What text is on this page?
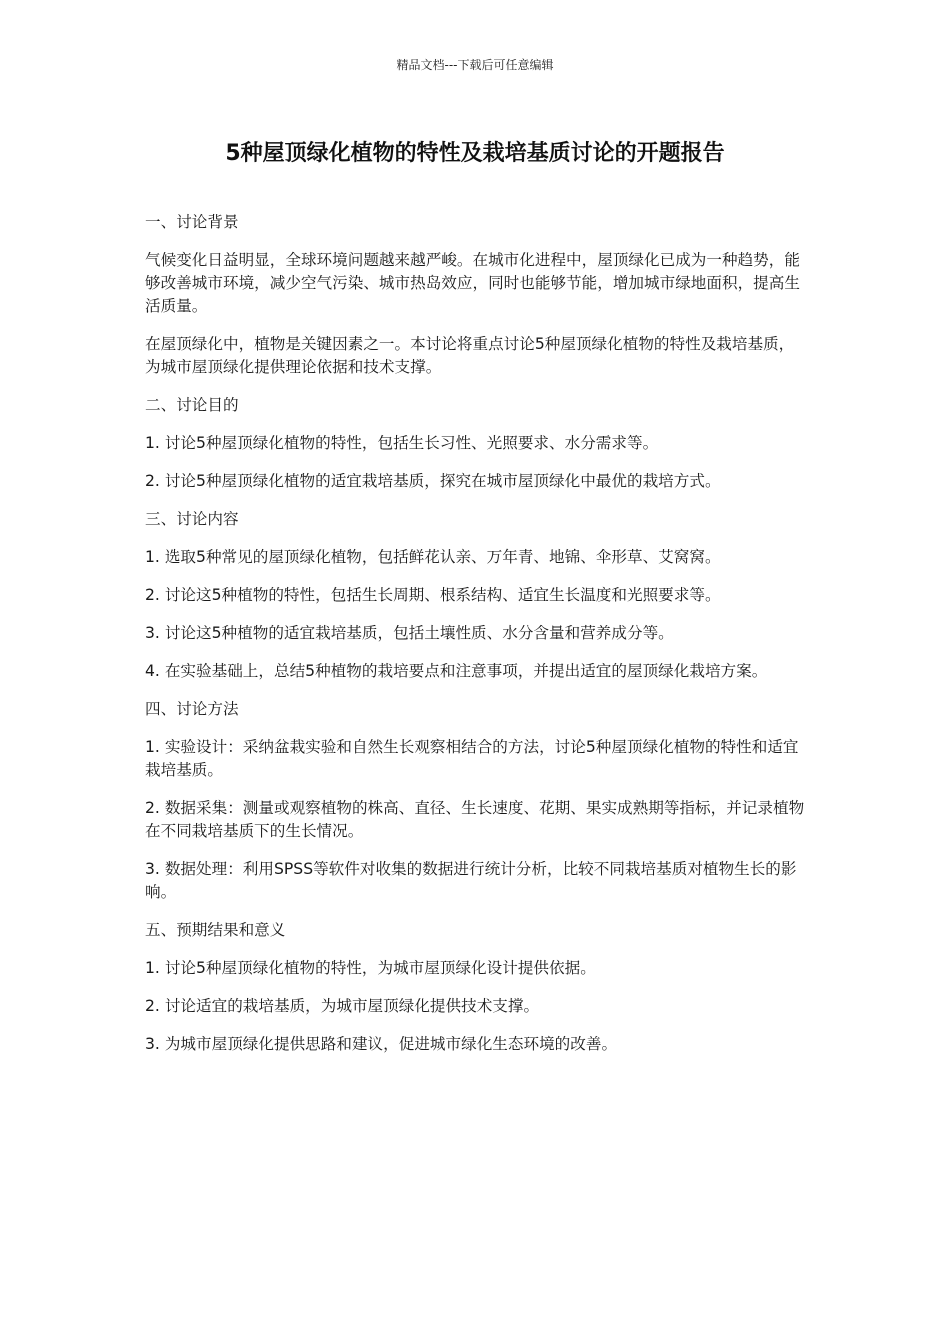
精品文档---下载后可任意编辑
5种屋顶绿化植物的特性及栽培基质讨论的开题报告

一、讨论背景

气候变化日益明显，全球环境问题越来越严峻。在城市化进程中，屋顶绿化已成为一种趋势，能够改善城市环境，减少空气污染、城市热岛效应，同时也能够节能，增加城市绿地面积，提高生活质量。

在屋顶绿化中，植物是关键因素之一。本讨论将重点讨论5种屋顶绿化植物的特性及栽培基质，为城市屋顶绿化提供理论依据和技术支撑。

二、讨论目的

1. 讨论5种屋顶绿化植物的特性，包括生长习性、光照要求、水分需求等。

2. 讨论5种屋顶绿化植物的适宜栽培基质，探究在城市屋顶绿化中最优的栽培方式。

三、讨论内容

1. 选取5种常见的屋顶绿化植物，包括鲜花认亲、万年青、地锦、伞形草、艾窝窝。

2. 讨论这5种植物的特性，包括生长周期、根系结构、适宜生长温度和光照要求等。

3. 讨论这5种植物的适宜栽培基质，包括土壤性质、水分含量和营养成分等。

4. 在实验基础上，总结5种植物的栽培要点和注意事项，并提出适宜的屋顶绿化栽培方案。

四、讨论方法

1. 实验设计：采纳盆栽实验和自然生长观察相结合的方法，讨论5种屋顶绿化植物的特性和适宜栽培基质。

2. 数据采集：测量或观察植物的株高、直径、生长速度、花期、果实成熟期等指标，并记录植物在不同栽培基质下的生长情况。

3. 数据处理：利用SPSS等软件对收集的数据进行统计分析，比较不同栽培基质对植物生长的影响。

五、预期结果和意义

1. 讨论5种屋顶绿化植物的特性，为城市屋顶绿化设计提供依据。

2. 讨论适宜的栽培基质，为城市屋顶绿化提供技术支撑。

3. 为城市屋顶绿化提供思路和建议，促进城市绿化生态环境的改善。
